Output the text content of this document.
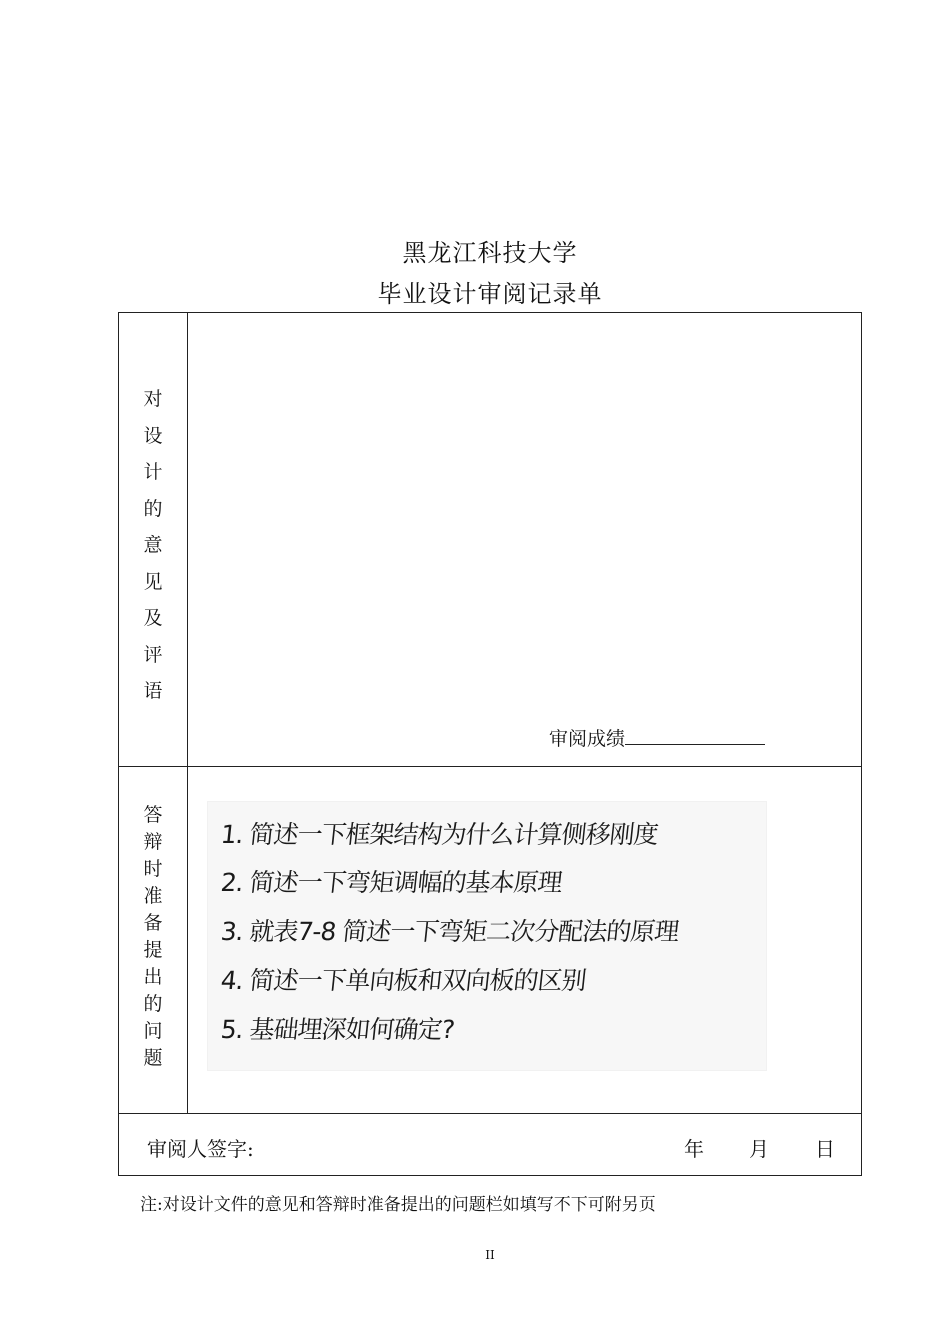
黑龙江科技大学
毕业设计审阅记录单
对
设
计
的
意
见
及
评
语
审阅成绩
答
辩
时
准
备
提
出
的
问
题
1. 简述一下框架结构为什么计算侧移刚度
2. 简述一下弯矩调幅的基本原理
3. 就表7-8 简述一下弯矩二次分配法的原理
4. 简述一下单向板和双向板的区别
5. 基础埋深如何确定?
审阅人签字:	年 月 日
注:对设计文件的意见和答辩时准备提出的问题栏如填写不下可附另页
II
